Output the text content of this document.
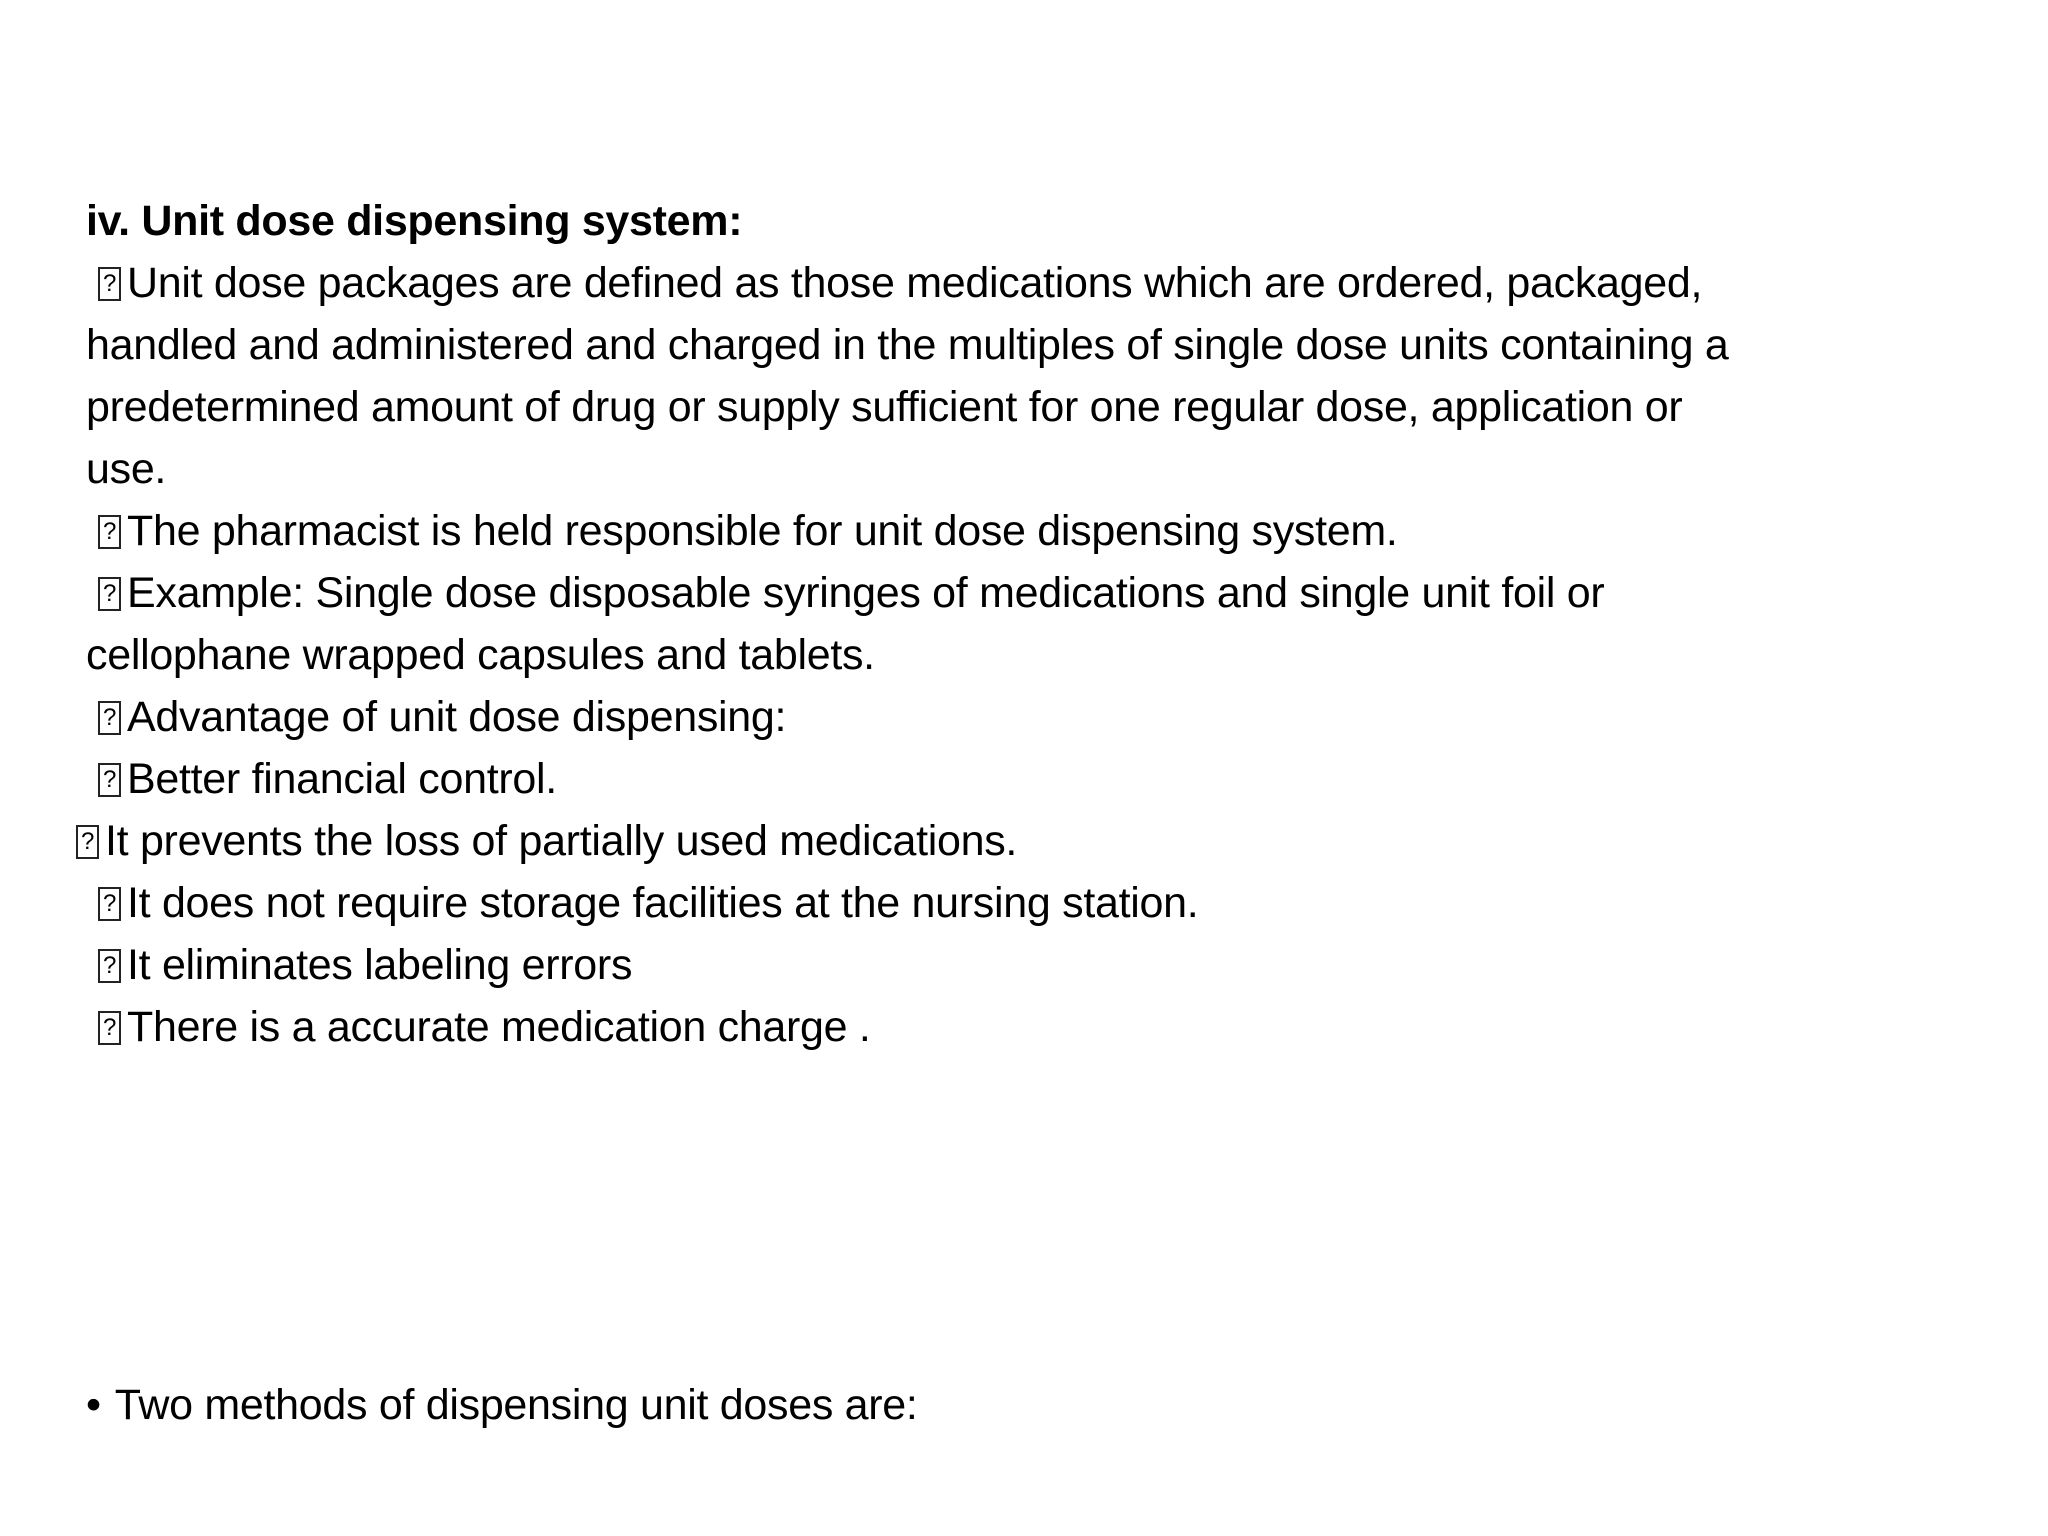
iv. Unit dose dispensing system:
?Unit dose packages are defined as those medications which are ordered, packaged,
handled and administered and charged in the multiples of single dose units containing a
predetermined amount of drug or supply sufficient for one regular dose, application or
use.
?The pharmacist is held responsible for unit dose dispensing system.
?Example: Single dose disposable syringes of medications and single unit foil or
cellophane wrapped capsules and tablets.
?Advantage of unit dose dispensing:
?Better financial control.
?It prevents the loss of partially used medications.
?It does not require storage facilities at the nursing station.
?It eliminates labeling errors
?There is a accurate medication charge .
• Two methods of dispensing unit doses are:
